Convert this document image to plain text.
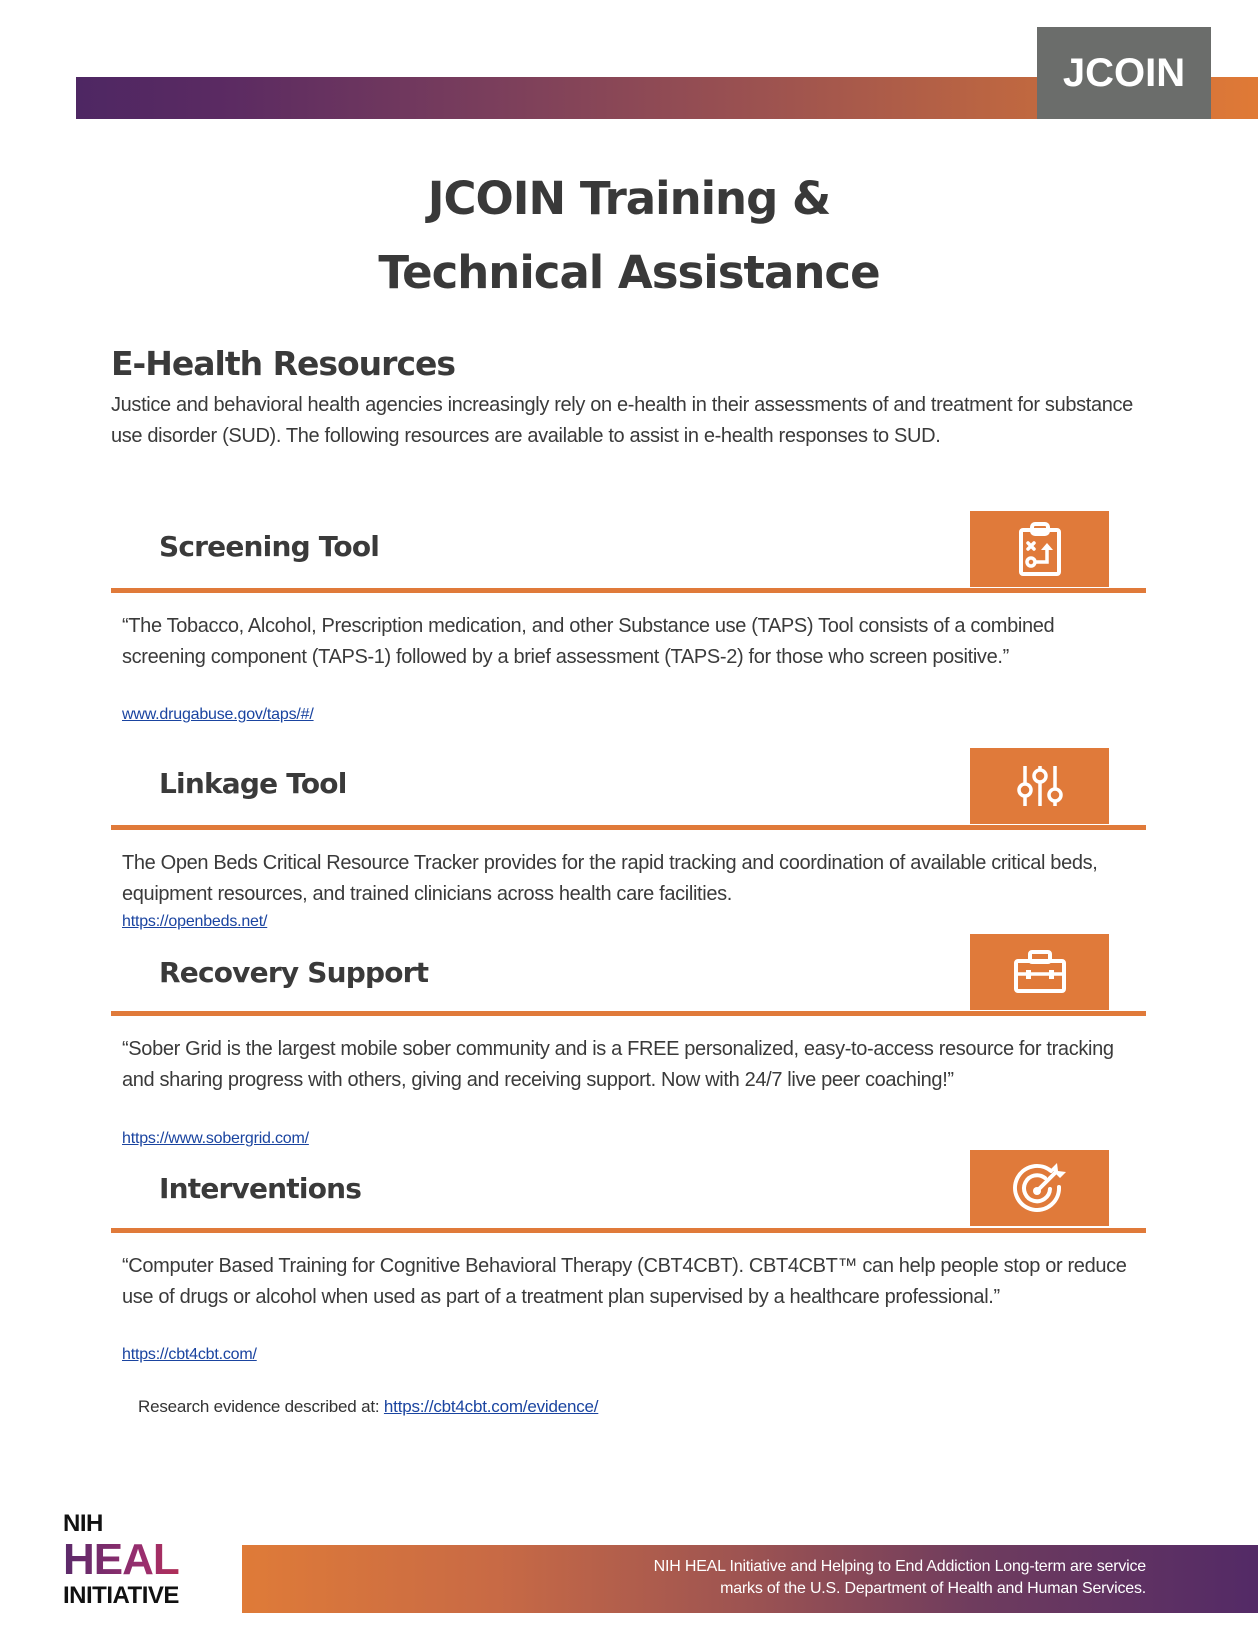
JCOIN
JCOIN Training &
Technical Assistance
E-Health Resources
Justice and behavioral health agencies increasingly rely on e-health in their assessments of and treatment for substance use disorder (SUD). The following resources are available to assist in e-health responses to SUD.
Screening Tool
“The Tobacco, Alcohol, Prescription medication, and other Substance use (TAPS) Tool consists of a combined screening component (TAPS-1) followed by a brief assessment (TAPS-2) for those who screen positive.”
www.drugabuse.gov/taps/#/
Linkage Tool
The Open Beds Critical Resource Tracker provides for the rapid tracking and coordination of available critical beds, equipment resources, and trained clinicians across health care facilities.
https://openbeds.net/
Recovery Support
“Sober Grid is the largest mobile sober community and is a FREE personalized, easy-to-access resource for tracking and sharing progress with others, giving and receiving support. Now with 24/7 live peer coaching!”
https://www.sobergrid.com/
Interventions
“Computer Based Training for Cognitive Behavioral Therapy (CBT4CBT). CBT4CBT™ can help people stop or reduce use of drugs or alcohol when used as part of a treatment plan supervised by a healthcare professional.”
https://cbt4cbt.com/
Research evidence described at: https://cbt4cbt.com/evidence/
NIH
HEAL
INITIATIVE
NIH HEAL Initiative and Helping to End Addiction Long-term are service
marks of the U.S. Department of Health and Human Services.
